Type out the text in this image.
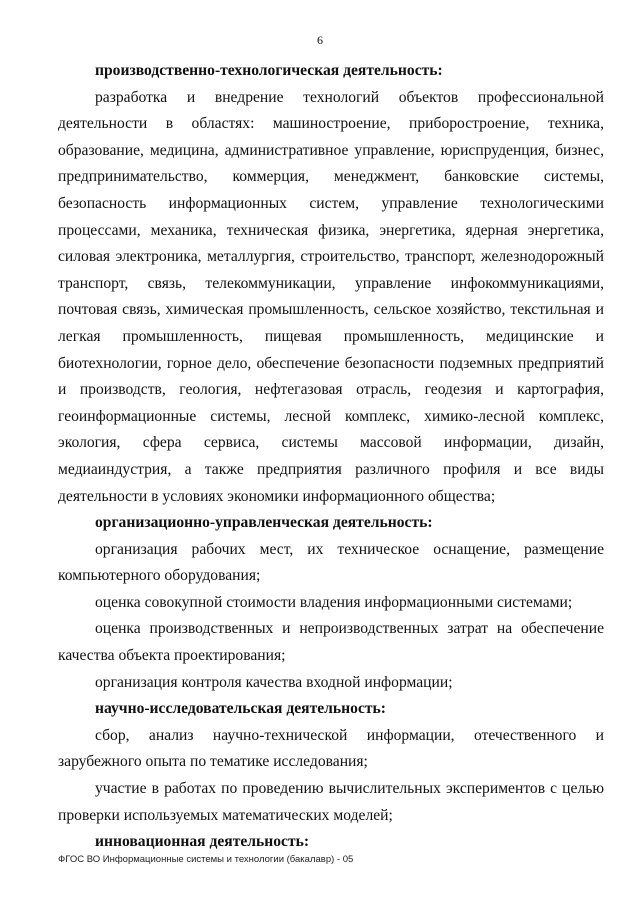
6

производственно-технологическая деятельность:

разработка и внедрение технологий объектов профессиональной деятельности в областях: машиностроение, приборостроение, техника, образование, медицина, административное управление, юриспруденция, бизнес, предпринимательство, коммерция, менеджмент, банковские системы, безопасность информационных систем, управление технологическими процессами, механика, техническая физика, энергетика, ядерная энергетика, силовая электроника, металлургия, строительство, транспорт, железнодорожный транспорт, связь, телекоммуникации, управление инфокоммуникациями, почтовая связь, химическая промышленность, сельское хозяйство, текстильная и легкая промышленность, пищевая промышленность, медицинские и биотехнологии, горное дело, обеспечение безопасности подземных предприятий и производств, геология, нефтегазовая отрасль, геодезия и картография, геоинформационные системы, лесной комплекс, химико-лесной комплекс, экология, сфера сервиса, системы массовой информации, дизайн, медиаиндустрия, а также предприятия различного профиля и все виды деятельности в условиях экономики информационного общества;

организационно-управленческая деятельность:

организация рабочих мест, их техническое оснащение, размещение компьютерного оборудования;

оценка совокупной стоимости владения информационными системами;

оценка производственных и непроизводственных затрат на обеспечение качества объекта проектирования;

организация контроля качества входной информации;

научно-исследовательская деятельность:

сбор, анализ научно-технической информации, отечественного и зарубежного опыта по тематике исследования;

участие в работах по проведению вычислительных экспериментов с целью проверки используемых математических моделей;

инновационная деятельность:

ФГОС ВО Информационные системы и технологии (бакалавр) - 05
